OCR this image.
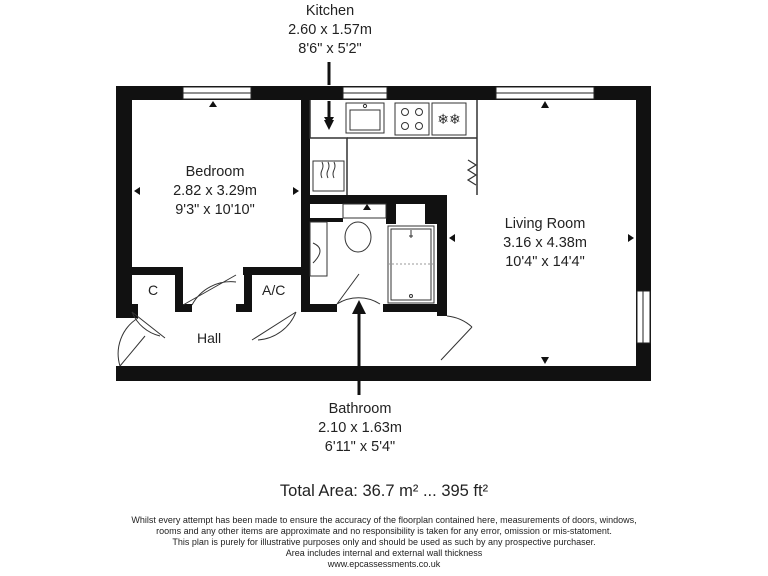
❄❄
Kitchen
2.60 x 1.57m
8'6" x 5'2"
Bedroom
2.82 x 3.29m
9'3" x 10'10"
Living Room
3.16 x 4.38m
10'4" x 14'4"
Bathroom
2.10 x 1.63m
6'11" x 5'4"
Hall
C	A/C
Total Area: 36.7 m² ... 395 ft²
Whilst every attempt has been made to ensure the accuracy of the floorplan contained here, measurements of doors, windows,
rooms and any other items are approximate and no responsibility is taken for any error, omission or mis-statoment.
This plan is purely for illustrative purposes only and should be used as such by any prospective purchaser.
Area includes internal and external wall thickness
www.epcassessments.co.uk
